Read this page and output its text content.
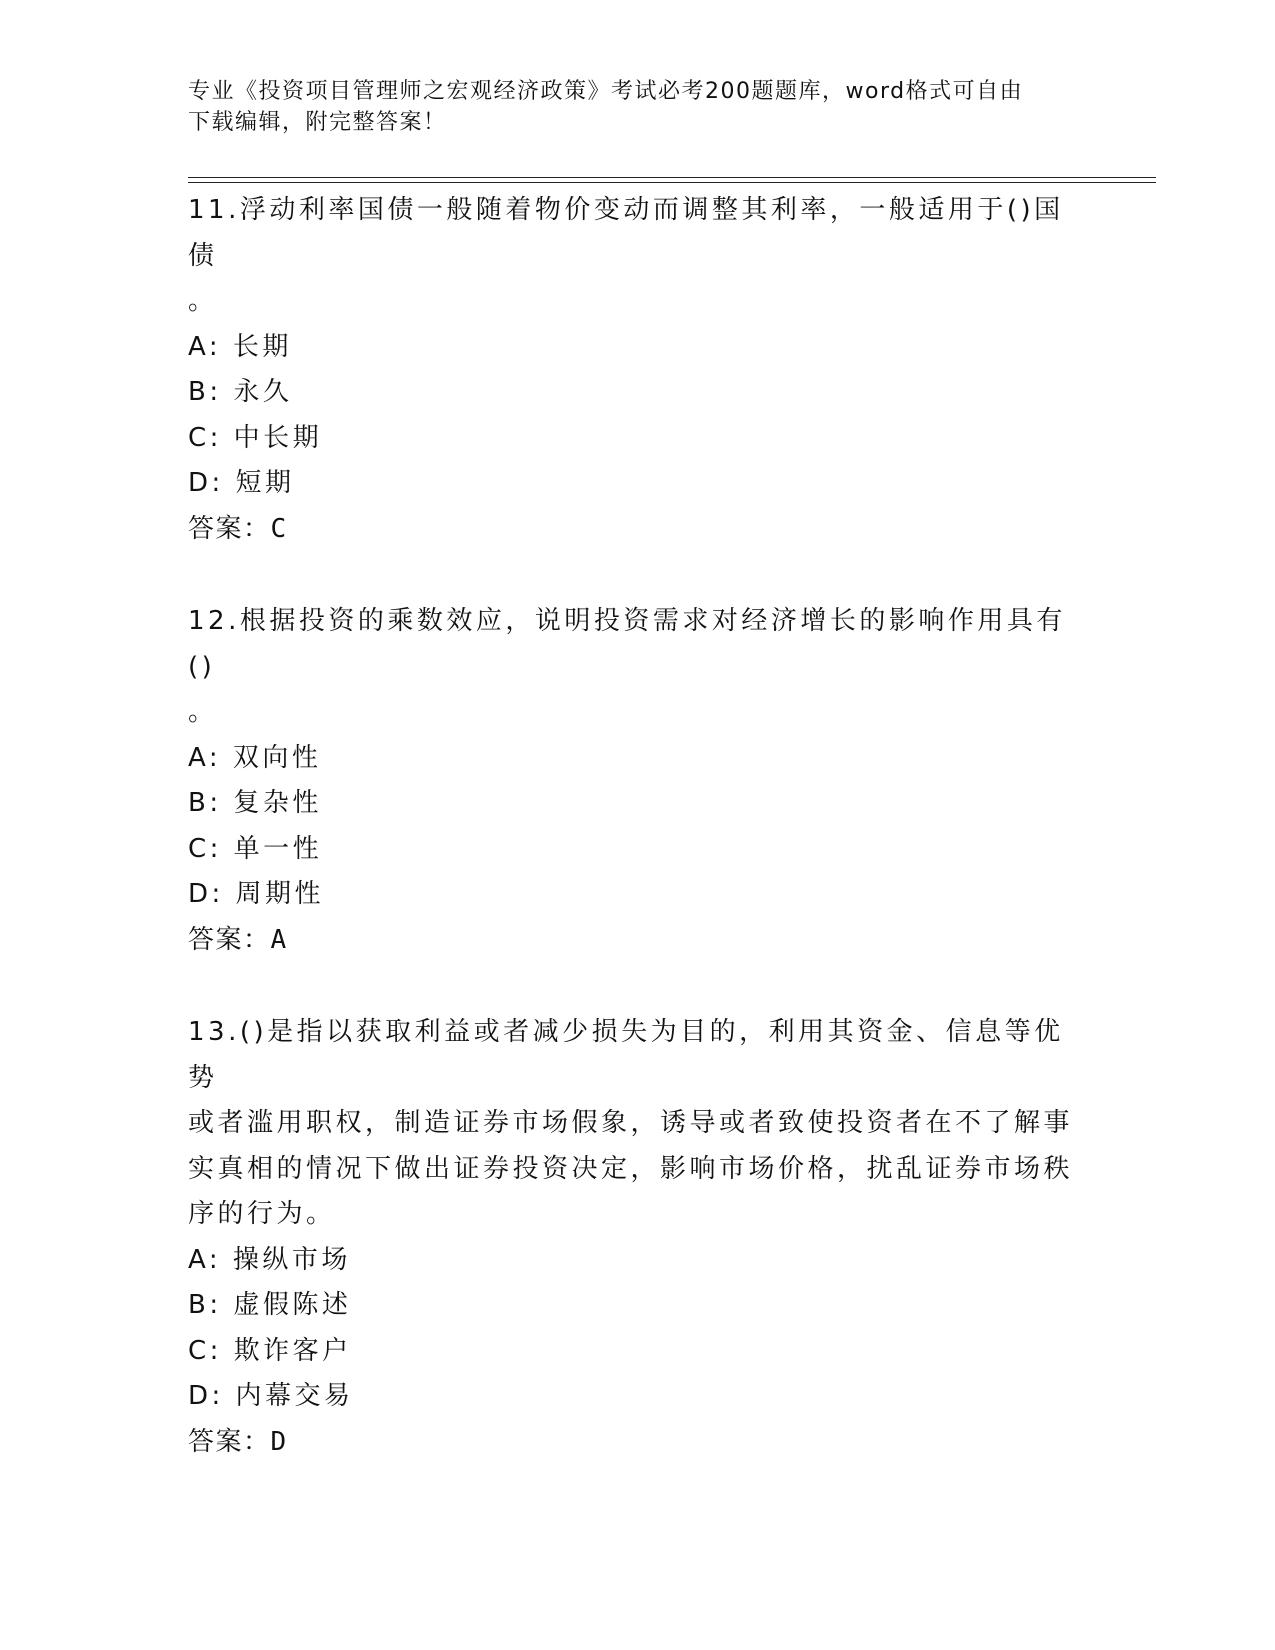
专业《投资项目管理师之宏观经济政策》考试必考200题题库，word格式可自由
下载编辑，附完整答案！
11.浮动利率国债一般随着物价变动而调整其利率，一般适用于()国债
。
A: 长期
B: 永久
C: 中长期
D: 短期
答案：C
12.根据投资的乘数效应，说明投资需求对经济增长的影响作用具有()
。
A: 双向性
B: 复杂性
C: 单一性
D: 周期性
答案：A
13.()是指以获取利益或者减少损失为目的，利用其资金、信息等优势
或者滥用职权，制造证券市场假象，诱导或者致使投资者在不了解事
实真相的情况下做出证券投资决定，影响市场价格，扰乱证券市场秩
序的行为。
A: 操纵市场
B: 虚假陈述
C: 欺诈客户
D: 内幕交易
答案：D
